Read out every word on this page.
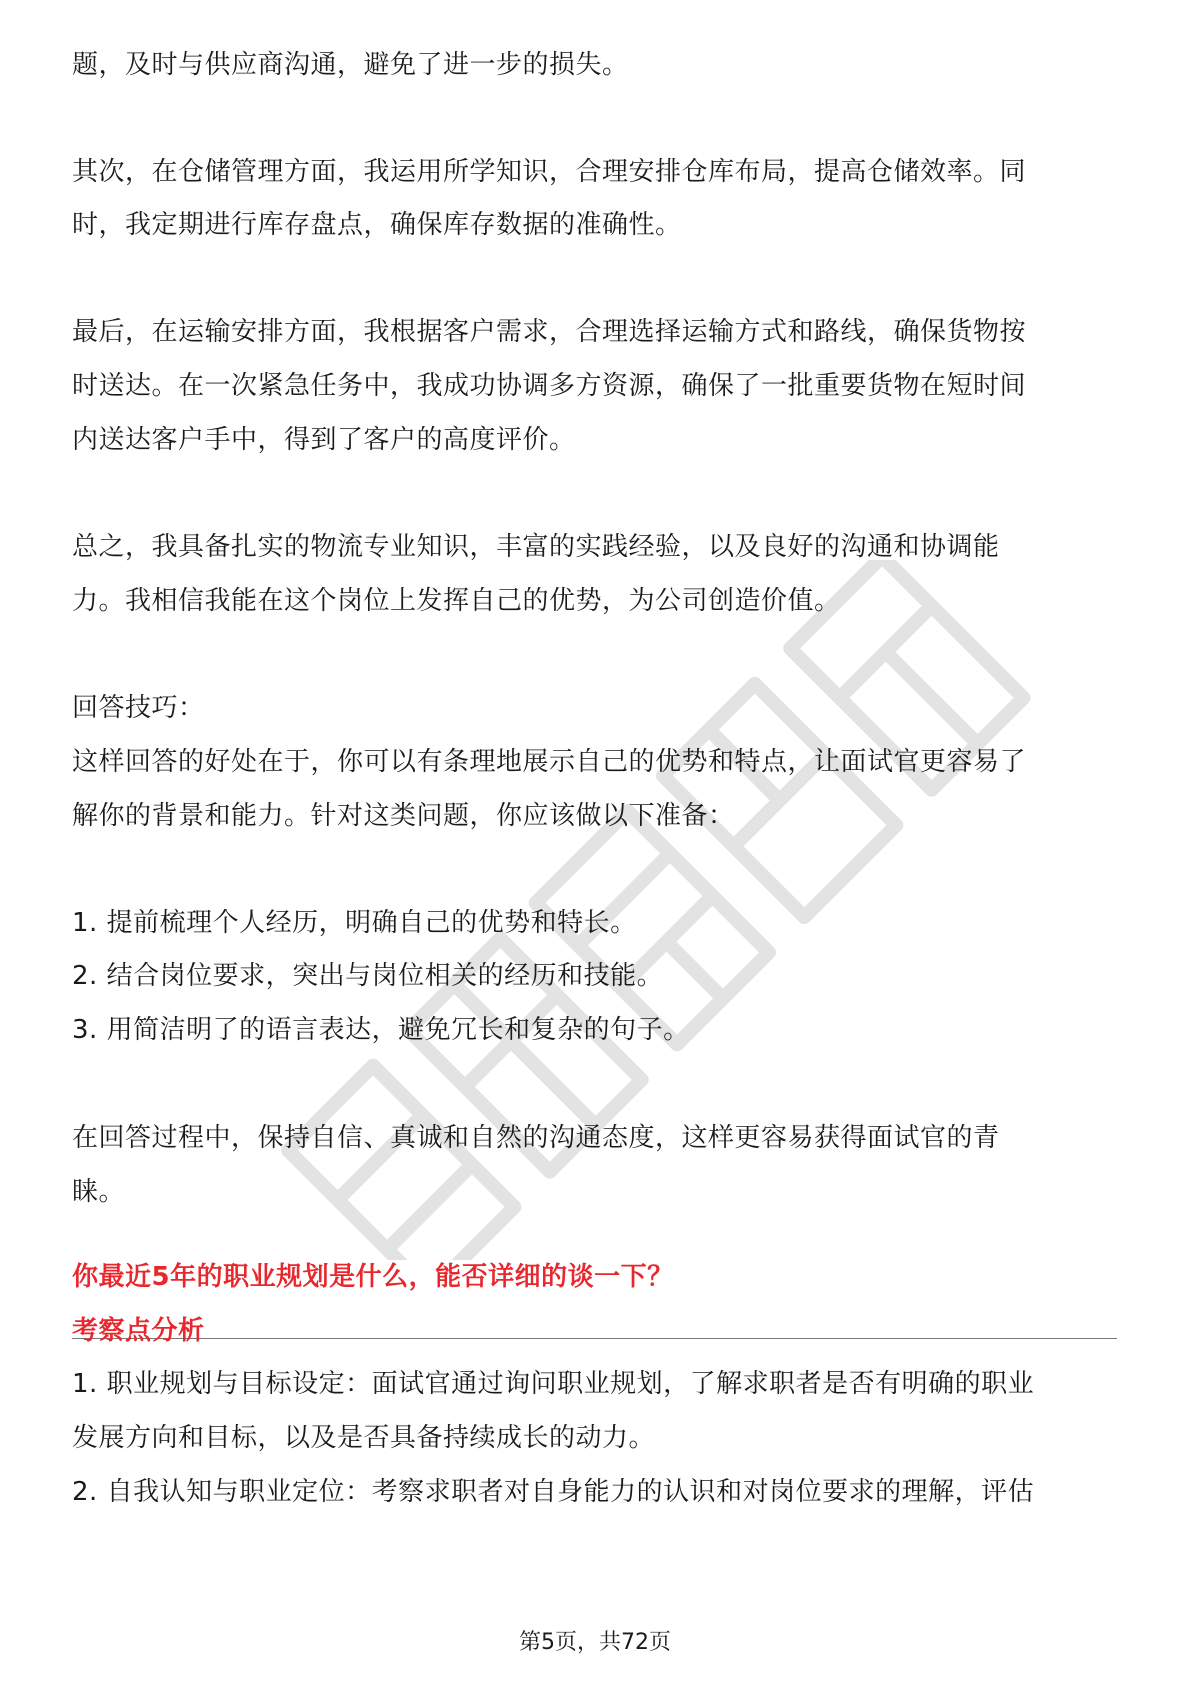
题，及时与供应商沟通，避免了进一步的损失。
其次，在仓储管理方面，我运用所学知识，合理安排仓库布局，提高仓储效率。同
时，我定期进行库存盘点，确保库存数据的准确性。
最后，在运输安排方面，我根据客户需求，合理选择运输方式和路线，确保货物按
时送达。在一次紧急任务中，我成功协调多方资源，确保了一批重要货物在短时间
内送达客户手中，得到了客户的高度评价。
总之，我具备扎实的物流专业知识，丰富的实践经验，以及良好的沟通和协调能
力。我相信我能在这个岗位上发挥自己的优势，为公司创造价值。
回答技巧：
这样回答的好处在于，你可以有条理地展示自己的优势和特点，让面试官更容易了
解你的背景和能力。针对这类问题，你应该做以下准备：
1. 提前梳理个人经历，明确自己的优势和特长。
2. 结合岗位要求，突出与岗位相关的经历和技能。
3. 用简洁明了的语言表达，避免冗长和复杂的句子。
在回答过程中，保持自信、真诚和自然的沟通态度，这样更容易获得面试官的青
睐。
你最近5年的职业规划是什么，能否详细的谈一下？
考察点分析
1. 职业规划与目标设定：面试官通过询问职业规划，了解求职者是否有明确的职业
发展方向和目标，以及是否具备持续成长的动力。
2. 自我认知与职业定位：考察求职者对自身能力的认识和对岗位要求的理解，评估
第5页，共72页
